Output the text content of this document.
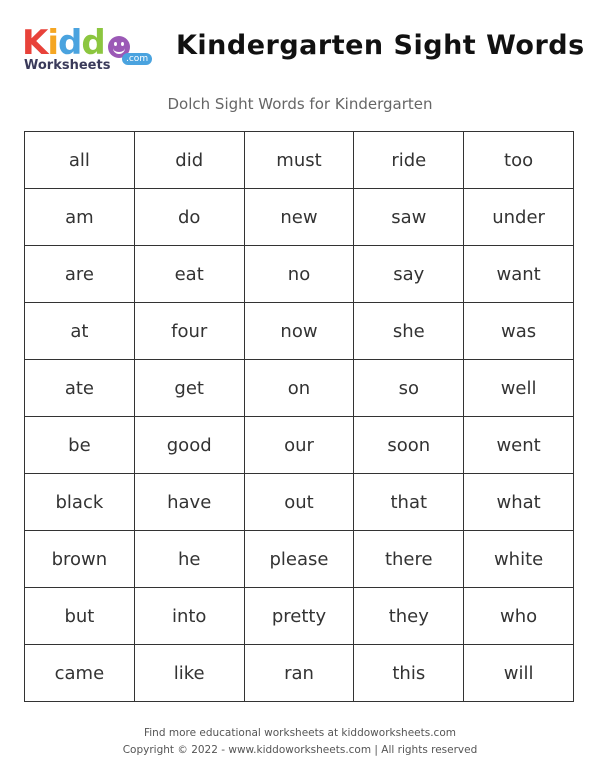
Kidd
Worksheets	.com Kindergarten Sight Words
Dolch Sight Words for Kindergarten
all	did	must	ride	too
am	do	new	saw	under
are	eat	no	say	want
at	four	now	she	was
ate	get	on	so	well
be	good	our	soon	went
black	have	out	that	what
brown	he	please	there	white
but	into	pretty	they	who
came	like	ran	this	will
Find more educational worksheets at kiddoworksheets.com
Copyright © 2022 - www.kiddoworksheets.com | All rights reserved
